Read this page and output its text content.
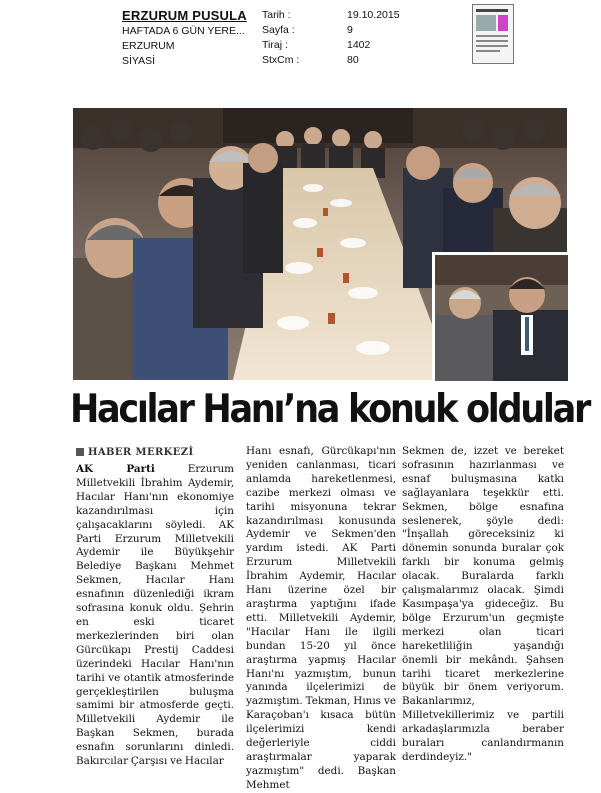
ERZURUM PUSULA
HAFTADA 6 GÜN YERE...
ERZURUM
SİYASİ
Tarih :	19.10.2015
Sayfa :	9
Tiraj :	1402
StxCm :	80
Hacılar Hanı’na konuk oldular
HABER MERKEZİ
AK Parti Erzurum Milletvekili İbrahim Aydemir, Hacılar Hanı'nın ekonomiye kazandırılması için çalışacaklarını söyledi. AK Parti Erzurum Milletvekili Aydemir ile Büyükşehir Belediye Başkanı Mehmet Sekmen, Hacılar Hanı esnafının düzenlediği ikram sofrasına konuk oldu. Şehrin en eski ticaret merkezlerinden biri olan Gürcükapı Prestij Caddesi üzerindeki Hacılar Hanı'nın tarihi ve otantik atmosferinde gerçekleştirilen buluşma samimi bir atmosferde geçti. Milletvekili Aydemir ile Başkan Sekmen, burada esnafın sorunlarını dinledi. Bakırcılar Çarşısı ve Hacılar
Hanı esnafı, Gürcükapı'nın yeniden canlanması, ticari anlamda hareketlenmesi, cazibe merkezi olması ve tarihi misyonuna tekrar kazandırılması konusunda Aydemir ve Sekmen'den yardım istedi. AK Parti Erzurum Milletvekili İbrahim Aydemir, Hacılar Hanı üzerine özel bir araştırma yaptığını ifade etti. Milletvekili Aydemir, "Hacılar Hanı ile ilgili bundan 15-20 yıl önce araştırma yapmış Hacılar Hanı'nı yazmıştım, bunun yanında ilçelerimizi de yazmıştım. Tekman, Hınıs ve Karaçoban'ı kısaca bütün ilçelerimizi kendi değerleriyle ciddi araştırmalar yaparak yazmıştım" dedi. Başkan Mehmet
Sekmen de, izzet ve bereket sofrasının hazırlanması ve esnaf buluşmasına katkı sağlayanlara teşekkür etti. Sekmen, bölge esnafına seslenerek, şöyle dedi: "İnşallah göreceksiniz ki dönemin sonunda buralar çok farklı bir konuma gelmiş olacak. Buralarda farklı çalışmalarımız olacak. Şimdi Kasımpaşa'ya gideceğiz. Bu bölge Erzurum'un geçmişte merkezi olan ticari hareketliliğin yaşandığı önemli bir mekândı. Şahsen tarihi ticaret merkezlerine büyük bir önem veriyorum. Bakanlarımız, Milletvekillerimiz ve partili arkadaşlarımızla beraber buraları canlandırmanın derdindeyiz."
